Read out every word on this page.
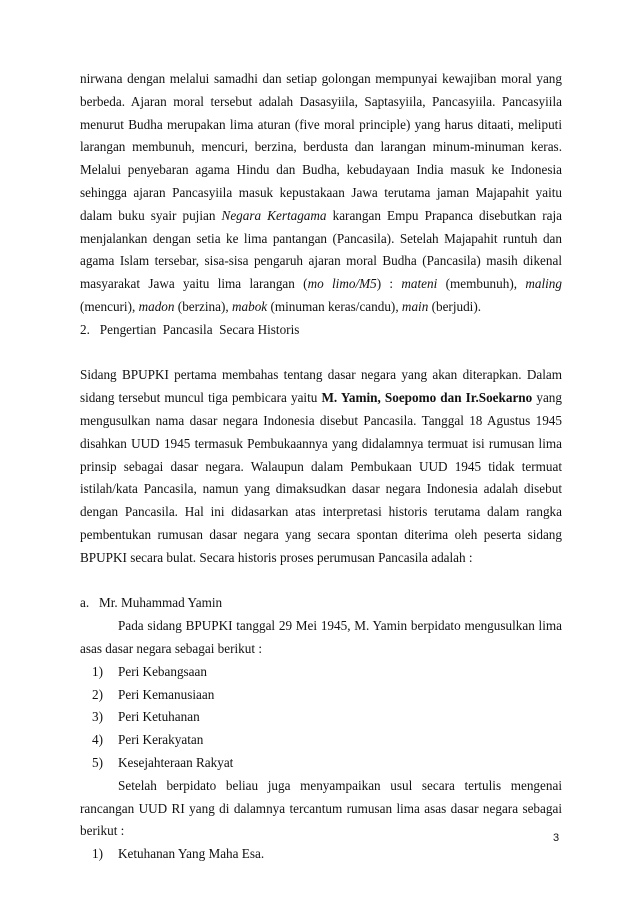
nirwana dengan melalui samadhi dan setiap golongan mempunyai kewajiban moral yang berbeda. Ajaran moral tersebut adalah Dasasyiila, Saptasyiila, Pancasyiila. Pancasyiila menurut Budha merupakan lima aturan (five moral principle) yang harus ditaati, meliputi larangan membunuh, mencuri, berzina, berdusta dan larangan minum-minuman keras. Melalui penyebaran agama Hindu dan Budha, kebudayaan India masuk ke Indonesia sehingga ajaran Pancasyiila masuk kepustakaan Jawa terutama jaman Majapahit yaitu dalam buku syair pujian Negara Kertagama karangan Empu Prapanca disebutkan raja menjalankan dengan setia ke lima pantangan (Pancasila). Setelah Majapahit runtuh dan agama Islam tersebar, sisa-sisa pengaruh ajaran moral Budha (Pancasila) masih dikenal masyarakat Jawa yaitu lima larangan (mo limo/M5) : mateni (membunuh), maling (mencuri), madon (berzina), mabok (minuman keras/candu), main (berjudi).

2.   Pengertian  Pancasila  Secara Historis

Sidang BPUPKI pertama membahas tentang dasar negara yang akan diterapkan. Dalam sidang tersebut muncul tiga pembicara yaitu M. Yamin, Soepomo dan Ir.Soekarno yang mengusulkan nama dasar negara Indonesia disebut Pancasila. Tanggal 18 Agustus 1945 disahkan UUD 1945 termasuk Pembukaannya yang didalamnya termuat isi rumusan lima prinsip sebagai dasar negara. Walaupun dalam Pembukaan UUD 1945 tidak termuat istilah/kata Pancasila, namun yang dimaksudkan dasar negara Indonesia adalah disebut dengan Pancasila. Hal ini didasarkan atas interpretasi historis terutama dalam rangka pembentukan rumusan dasar negara yang secara spontan diterima oleh peserta sidang BPUPKI secara bulat. Secara historis proses perumusan Pancasila adalah :

a.   Mr. Muhammad Yamin

Pada sidang BPUPKI tanggal 29 Mei 1945, M. Yamin berpidato mengusulkan lima asas dasar negara sebagai berikut :

1)	Peri Kebangsaan
2)	Peri Kemanusiaan
3)	Peri Ketuhanan
4)	Peri Kerakyatan
5)	Kesejahteraan Rakyat

Setelah berpidato beliau juga menyampaikan usul secara tertulis mengenai rancangan UUD RI yang di dalamnya tercantum rumusan lima asas dasar negara sebagai berikut :

1)	Ketuhanan Yang Maha Esa.
3
